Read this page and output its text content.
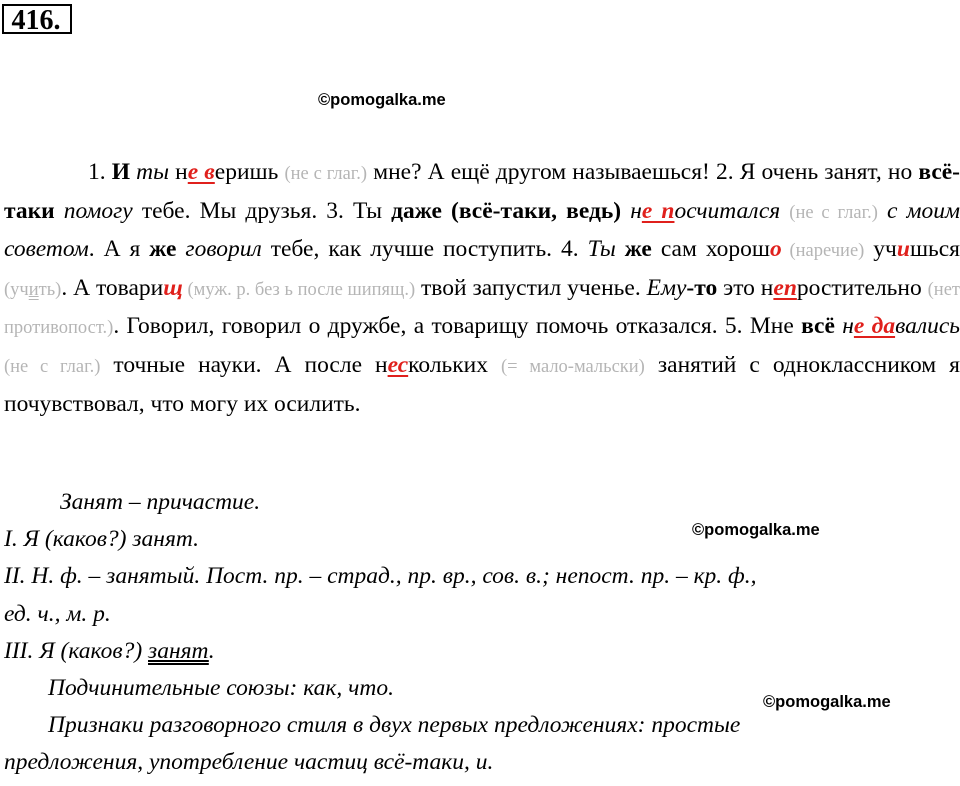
416.
©pomogalka.me
©pomogalka.me
©pomogalka.me
1. И ты не веришь (не с глаг.) мне? А ещё другом называешься! 2. Я очень занят, но всё-таки помогу тебе. Мы друзья. 3. Ты даже (всё-таки, ведь) не посчитался (не с глаг.) с моим советом. А я же говорил тебе, как лучше поступить. 4. Ты же сам хорошо (наречие) учишься (учить). А товарищ (муж. р. без ь после шипящ.) твой запустил ученье. Ему-то это непростительно (нет противопост.). Говорил, говорил о дружбе, а товарищу помочь отказался. 5. Мне всё не давались (не с глаг.) точные науки. А после нескольких (= мало-мальски) занятий с одноклассником я почувствовал, что могу их осилить.
Занят – причастие.
I. Я (каков?) занят.
II. Н. ф. – занятый. Пост. пр. – страд., пр. вр., сов. в.; непост. пр. – кр. ф.,
ед. ч., м. р.
III. Я (каков?) занят.
Подчинительные союзы: как, что.
Признаки разговорного стиля в двух первых предложениях: простые
предложения, употребление частиц всё-таки, и.
